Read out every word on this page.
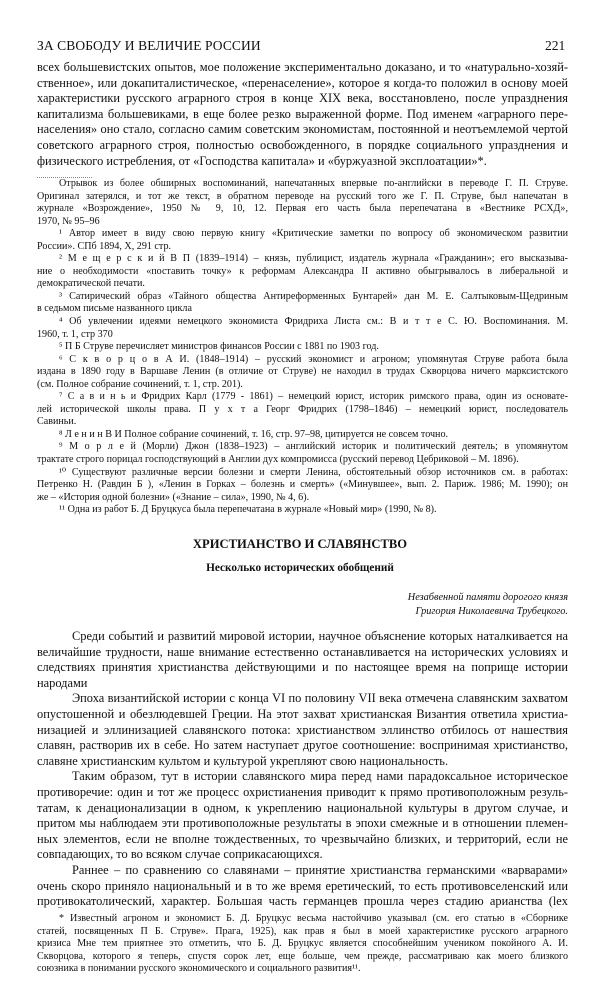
ЗА СВОБОДУ И ВЕЛИЧИЕ РОССИИ	221
всех большевистских опытов, мое положение экспериментально доказано, и то «натурально-хозяй-
ственное», или докапиталистическое, «перенаселение», которое я когда-то положил в основу моей
характеристики русского аграрного строя в конце XIX века, восстановлено, после упразднения
капитализма большевиками, в еще более резко выраженной форме. Под именем «аграрного пере-
населения» оно стало, согласно самим советским экономистам, постоянной и неотъемлемой чертой
советского аграрного строя, полностью освобожденного, в порядке социального упразднения и
физического истребления, от «Господства капитала» и «буржуазной эксплоатации»*.
Отрывок из более обширных воспоминаний, напечатанных впервые по-английски в переводе Г. П. Струве.
Оригинал затерялся, и тот же текст, в обратном переводе на русский того же Г. П. Струве, был напечатан в
журнале «Возрождение», 1950 № 9, 10, 12. Первая его часть была перепечатана в «Вестнике РСХД»,
1970, № 95–96
¹ Автор имеет в виду свою первую книгу «Критические заметки по вопросу об экономическом развитии
России». СПб 1894, X, 291 стр.
² М е щ е р с к и й В П (1839–1914) – князь, публицист, издатель журнала «Гражданин»; его высказыва-
ние о необходимости «поставить точку» к реформам Александра II активно обыгрывалось в либеральной и
демократической печати.
³ Сатирический образ «Тайного общества Антиреформенных Бунтарей» дан М. Е. Салтыковым-Щедриным
в седьмом письме названного цикла
⁴ Об увлечении идеями немецкого экономиста Фридриха Листа см.: В и т т е С. Ю. Воспоминания. М.
1960, т. 1, стр 370
⁵ П Б Струве перечисляет министров финансов России с 1881 по 1903 год.
⁶ С к в о р ц о в А И. (1848–1914) – русский экономист и агроном; упомянутая Струве работа была
издана в 1890 году в Варшаве Ленин (в отличие от Струве) не находил в трудах Скворцова ничего марксистского
(см. Полное собрание сочинений, т. 1, стр. 201).
⁷ С а в и н ь и Фридрих Карл (1779 - 1861) – немецкий юрист, историк римского права, один из основате-
лей исторической школы права. П у х т а Георг Фридрих (1798–1846) – немецкий юрист, последователь
Савиньи.
⁸ Л е н и н В И Полное собрание сочинений, т. 16, стр. 97–98, цитируется не совсем точно.
⁹ М о р л е й (Морли) Джон (1838–1923) – английский историк и политический деятель; в упомянутом
трактате строго порицал господствующий в Англии дух компромисса (русский перевод Цебриковой – М. 1896).
¹⁰ Существуют различные версии болезни и смерти Ленина, обстоятельный обзор источников см. в работах:
Петренко Н. (Равдин Б ), «Ленин в Горках – болезнь и смерть» («Минувшее», вып. 2. Париж. 1986; М. 1990); он
же – «История одной болезни» («Знание – сила», 1990, № 4, 6).
¹¹ Одна из работ Б. Д Бруцкуса была перепечатана в журнале «Новый мир» (1990, № 8).
ХРИСТИАНСТВО И СЛАВЯНСТВО
Несколько исторических обобщений
Незабвенной памяти дорогого князя
Григория Николаевича Трубецкого.
Среди событий и развитий мировой истории, научное объяснение которых наталкивается на
величайшие трудности, наше внимание естественно останавливается на исторических условиях и
следствиях принятия христианства действующими и по настоящее время на поприще истории
народами
Эпоха византийской истории с конца VI по половину VII века отмечена славянским захватом
опустошенной и обезлюдевшей Греции. На этот захват христианская Византия ответила христиа-
низацией и эллинизацией славянского потока: христианством эллинство отбилось от нашествия
славян, растворив их в себе. Но затем наступает другое соотношение: воспринимая христианство,
славяне христианским культом и культурой укрепляют свою национальность.
Таким образом, тут в истории славянского мира перед нами парадоксальное историческое
противоречие: один и тот же процесс охристианения приводит к прямо противоположным резуль-
татам, к денационализации в одном, к укреплению национальной культуры в другом случае, и
притом мы наблюдаем эти противоположные результаты в эпохи смежные и в отношении племен-
ных элементов, если не вполне тождественных, то чрезвычайно близких, и территорий, если не
совпадающих, то во всяком случае соприкасающихся.
Раннее – по сравнению со славянами – принятие христианства германскими «варварами»
очень скоро приняло национальный и в то же время еретический, то есть противовселенский или
противокатолический, характер. Большая часть германцев прошла через стадию арианства (lex
* Известный агроном и экономист Б. Д. Бруцкус весьма настойчиво указывал (см. его статью в «Сборнике
статей, посвященных П Б. Струве». Прага, 1925), как прав я был в моей характеристике русского аграрного
кризиса Мне тем приятнее это отметить, что Б. Д. Бруцкус является способнейшим учеником покойного А. И.
Скворцова, которого я теперь, спустя сорок лет, еще больше, чем прежде, рассматриваю как моего близкого
союзника в понимании русского экономического и социального развития¹¹.
